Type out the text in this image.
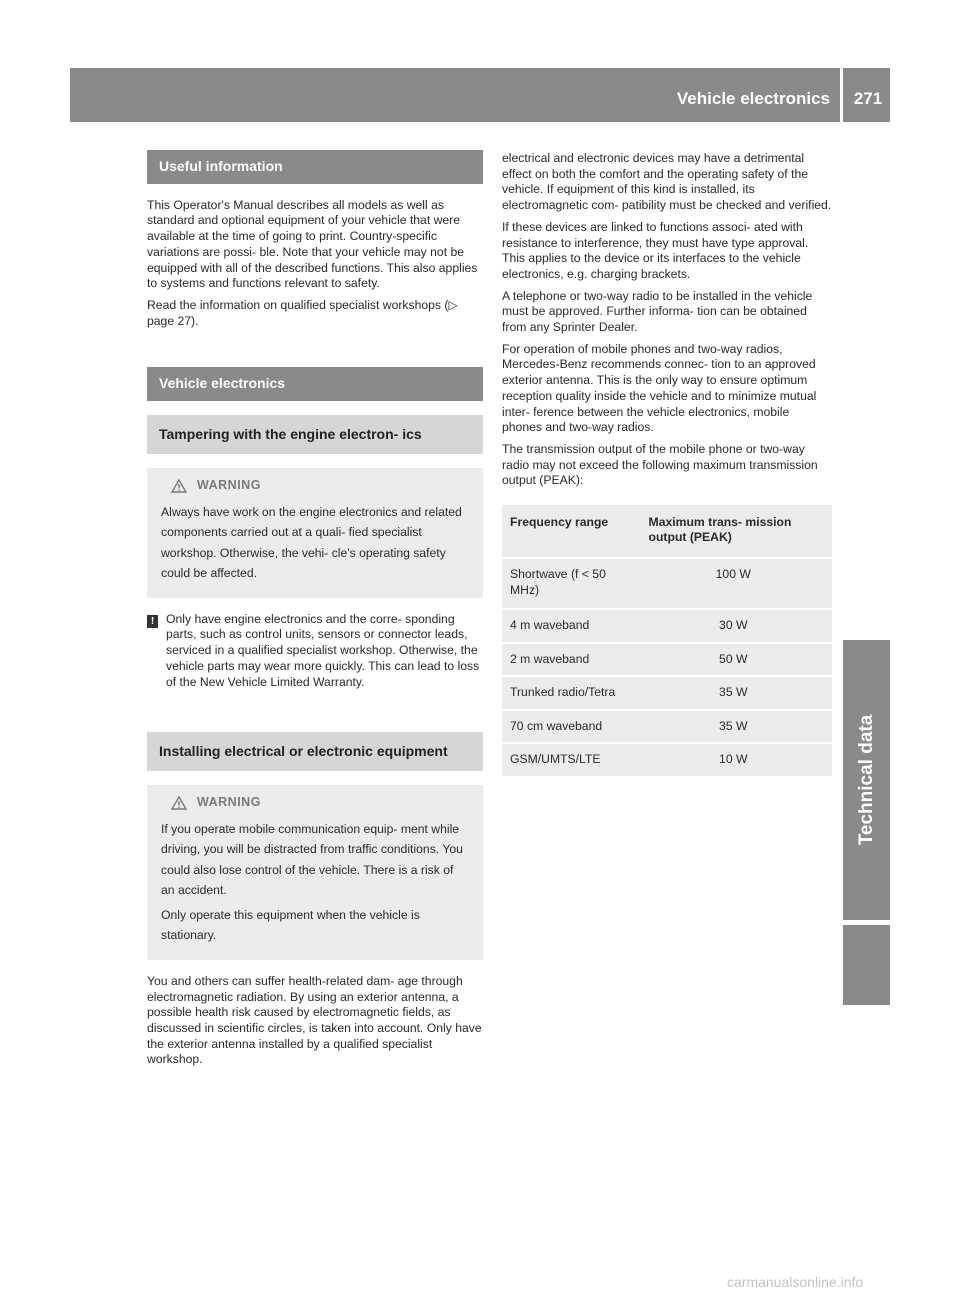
Vehicle electronics	271
Technical data
Useful information

This Operator's Manual describes all models as well as standard and optional equipment of your vehicle that were available at the time of going to print. Country-specific variations are possi- ble. Note that your vehicle may not be equipped with all of the described functions. This also applies to systems and functions relevant to safety.

Read the information on qualified specialist workshops (▷ page 27).

Vehicle electronics
Tampering with the engine electron- ics
WARNING

Always have work on the engine electronics and related components carried out at a quali- fied specialist workshop. Otherwise, the vehi- cle's operating safety could be affected.

! Only have engine electronics and the corre- sponding parts, such as control units, sensors or connector leads, serviced in a qualified specialist workshop. Otherwise, the vehicle parts may wear more quickly. This can lead to loss of the New Vehicle Limited Warranty.

Installing electrical or electronic equipment
WARNING

If you operate mobile communication equip- ment while driving, you will be distracted from traffic conditions. You could also lose control of the vehicle. There is a risk of an accident.

Only operate this equipment when the vehicle is stationary.

You and others can suffer health-related dam- age through electromagnetic radiation. By using an exterior antenna, a possible health risk caused by electromagnetic fields, as discussed in scientific circles, is taken into account. Only have the exterior antenna installed by a qualified specialist workshop.

electrical and electronic devices may have a detrimental effect on both the comfort and the operating safety of the vehicle. If equipment of this kind is installed, its electromagnetic com- patibility must be checked and verified.

If these devices are linked to functions associ- ated with resistance to interference, they must have type approval. This applies to the device or its interfaces to the vehicle electronics, e.g. charging brackets.

A telephone or two-way radio to be installed in the vehicle must be approved. Further informa- tion can be obtained from any Sprinter Dealer.

For operation of mobile phones and two-way radios, Mercedes-Benz recommends connec- tion to an approved exterior antenna. This is the only way to ensure optimum reception quality inside the vehicle and to minimize mutual inter- ference between the vehicle electronics, mobile phones and two-way radios.

The transmission output of the mobile phone or two-way radio may not exceed the following maximum transmission output (PEAK):

Frequency range	Maximum trans- mission output (PEAK)
Shortwave (f < 50 MHz)	100 W
4 m waveband	30 W
2 m waveband	50 W
Trunked radio/Tetra	35 W
70 cm waveband	35 W
GSM/UMTS/LTE	10 W
carmanualsonline.info
